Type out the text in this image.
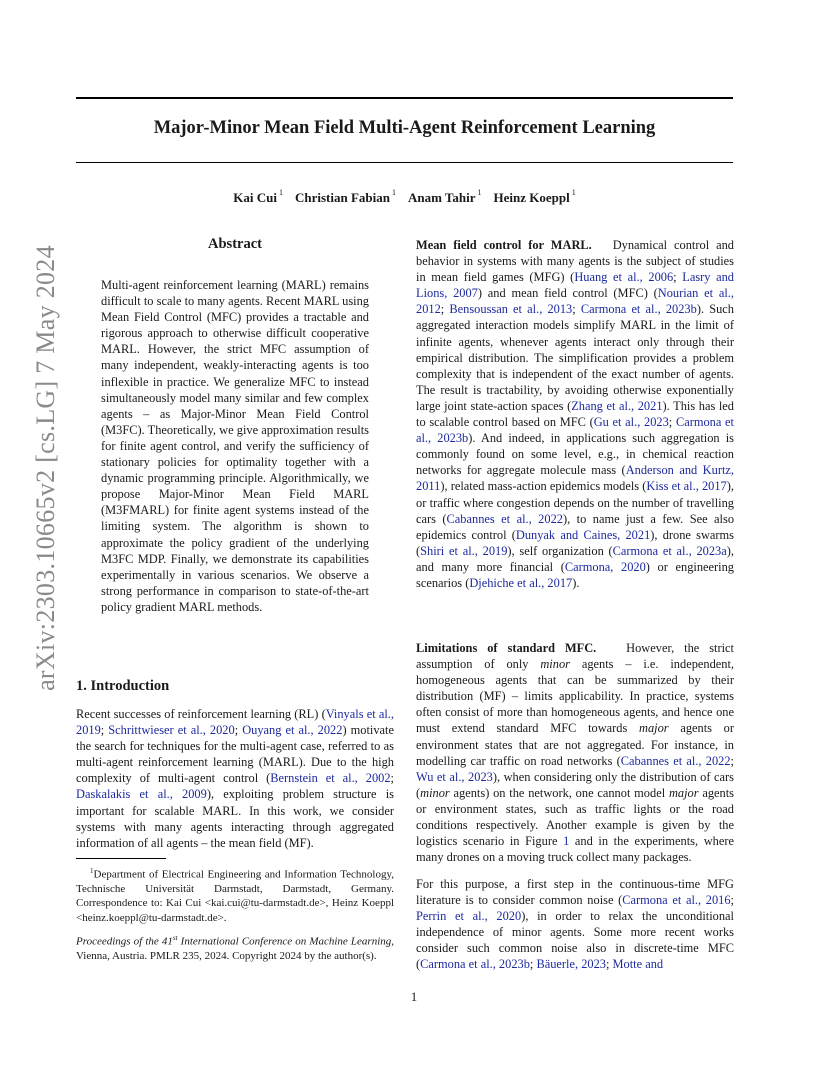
Major-Minor Mean Field Multi-Agent Reinforcement Learning
Kai Cui $^1$ Christian Fabian $^1$ Anam Tahir $^1$ Heinz Koeppl $^1$
arXiv:2303.10665v2 [cs.LG] 7 May 2024
Abstract
Multi-agent reinforcement learning (MARL) remains difficult to scale to many agents. Recent MARL using Mean Field Control (MFC) provides a tractable and rigorous approach to otherwise difficult cooperative MARL. However, the strict MFC assumption of many independent, weakly-interacting agents is too inflexible in practice. We generalize MFC to instead simultaneously model many similar and few complex agents – as Major-Minor Mean Field Control (M3FC). Theoretically, we give approximation results for finite agent control, and verify the sufficiency of stationary policies for optimality together with a dynamic programming principle. Algorithmically, we propose Major-Minor Mean Field MARL (M3FMARL) for finite agent systems instead of the limiting system. The algorithm is shown to approximate the policy gradient of the underlying M3FC MDP. Finally, we demonstrate its capabilities experimentally in various scenarios. We observe a strong performance in comparison to state-of-the-art policy gradient MARL methods.
1. Introduction

Recent successes of reinforcement learning (RL) (Vinyals et al., 2019; Schrittwieser et al., 2020; Ouyang et al., 2022) motivate the search for techniques for the multi-agent case, referred to as multi-agent reinforcement learning (MARL). Due to the high complexity of multi-agent control (Bernstein et al., 2002; Daskalakis et al., 2009), exploiting problem structure is important for scalable MARL. In this work, we consider systems with many agents interacting through aggregated information of all agents – the mean field (MF).

$^1$Department of Electrical Engineering and Information Technology, Technische Universität Darmstadt, Darmstadt, Germany. Correspondence to: Kai Cui <kai.cui@tu-darmstadt.de>, Heinz Koeppl <heinz.koeppl@tu-darmstadt.de>.
Proceedings of the 41st International Conference on Machine Learning, Vienna, Austria. PMLR 235, 2024. Copyright 2024 by the author(s).

Mean field control for MARL. Dynamical control and behavior in systems with many agents is the subject of studies in mean field games (MFG) (Huang et al., 2006; Lasry and Lions, 2007) and mean field control (MFC) (Nourian et al., 2012; Bensoussan et al., 2013; Carmona et al., 2023b). Such aggregated interaction models simplify MARL in the limit of infinite agents, whenever agents interact only through their empirical distribution. The simplification provides a problem complexity that is independent of the exact number of agents. The result is tractability, by avoiding otherwise exponentially large joint state-action spaces (Zhang et al., 2021). This has led to scalable control based on MFC (Gu et al., 2023; Carmona et al., 2023b). And indeed, in applications such aggregation is commonly found on some level, e.g., in chemical reaction networks for aggregate molecule mass (Anderson and Kurtz, 2011), related mass-action epidemics models (Kiss et al., 2017), or traffic where congestion depends on the number of travelling cars (Cabannes et al., 2022), to name just a few. See also epidemics control (Dunyak and Caines, 2021), drone swarms (Shiri et al., 2019), self organization (Carmona et al., 2023a), and many more financial (Carmona, 2020) or engineering scenarios (Djehiche et al., 2017).

Limitations of standard MFC. However, the strict assumption of only minor agents – i.e. independent, homogeneous agents that can be summarized by their distribution (MF) – limits applicability. In practice, systems often consist of more than homogeneous agents, and hence one must extend standard MFC towards major agents or environment states that are not aggregated. For instance, in modelling car traffic on road networks (Cabannes et al., 2022; Wu et al., 2023), when considering only the distribution of cars (minor agents) on the network, one cannot model major agents or environment states, such as traffic lights or the road conditions respectively. Another example is given by the logistics scenario in Figure 1 and in the experiments, where many drones on a moving truck collect many packages.

For this purpose, a first step in the continuous-time MFG literature is to consider common noise (Carmona et al., 2016; Perrin et al., 2020), in order to relax the unconditional independence of minor agents. Some more recent works consider such common noise also in discrete-time MFC (Carmona et al., 2023b; Bäuerle, 2023; Motte and

1
